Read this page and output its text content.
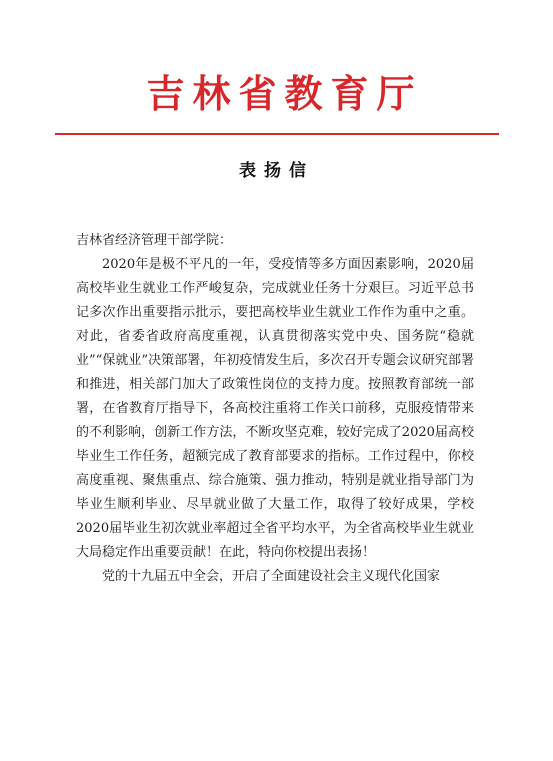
吉林省教育厅
表扬信

吉林省经济管理干部学院：

2020年是极不平凡的一年，受疫情等多方面因素影响，2020届高校毕业生就业工作严峻复杂，完成就业任务十分艰巨。习近平总书记多次作出重要指示批示，要把高校毕业生就业工作作为重中之重。对此，省委省政府高度重视，认真贯彻落实党中央、国务院“稳就业”“保就业”决策部署，年初疫情发生后，多次召开专题会议研究部署和推进，相关部门加大了政策性岗位的支持力度。按照教育部统一部署，在省教育厅指导下，各高校注重将工作关口前移，克服疫情带来的不利影响，创新工作方法，不断攻坚克难，较好完成了2020届高校毕业生工作任务，超额完成了教育部要求的指标。工作过程中，你校高度重视、聚焦重点、综合施策、强力推动，特别是就业指导部门为毕业生顺利毕业、尽早就业做了大量工作，取得了较好成果，学校2020届毕业生初次就业率超过全省平均水平，为全省高校毕业生就业大局稳定作出重要贡献！在此，特向你校提出表扬！

党的十九届五中全会，开启了全面建设社会主义现代化国家
